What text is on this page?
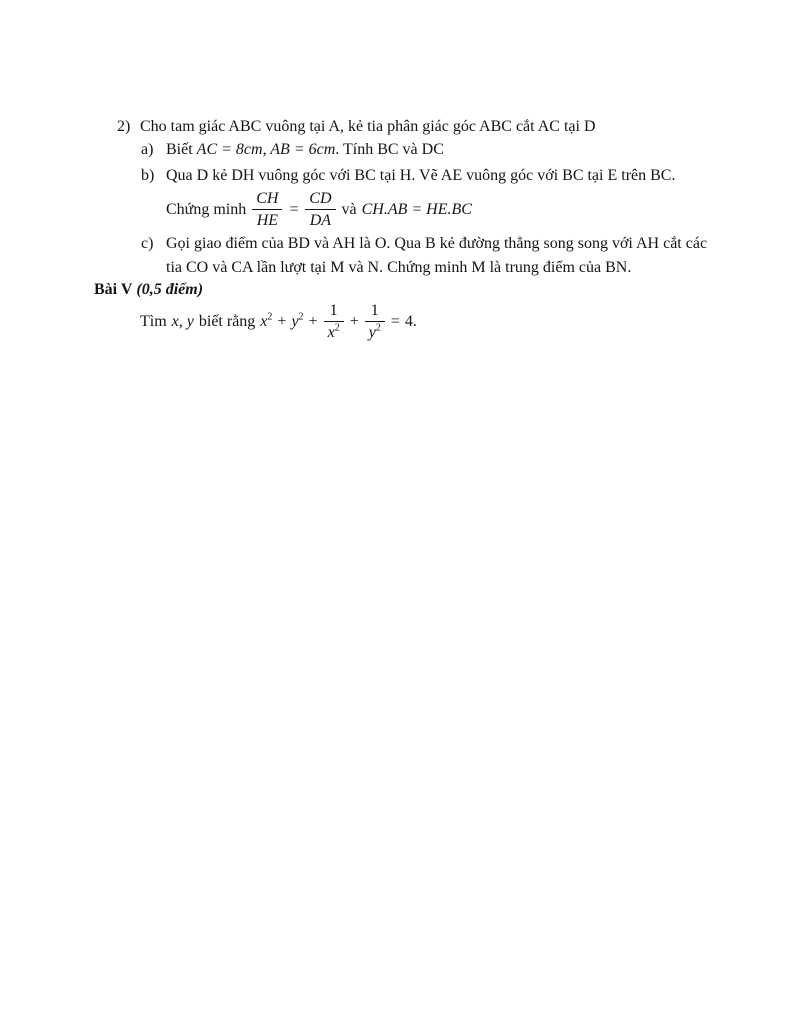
2) Cho tam giác ABC vuông tại A, kẻ tia phân giác góc ABC cắt AC tại D
a) Biết AC = 8cm, AB = 6cm. Tính BC và DC
b) Qua D kẻ DH vuông góc với BC tại H. Vẽ AE vuông góc với BC tại E trên BC.
Chứng minh $\frac{CH}{HE} = \frac{CD}{DA}$ và CH.AB = HE.BC
c) Gọi giao điểm của BD và AH là O. Qua B kẻ đường thẳng song song với AH cắt các
tia CO và CA lần lượt tại M và N. Chứng minh M là trung điểm của BN.
Bài V (0,5 điểm)
Tìm x, y biết rằng $x^2 + y^2 + \frac{1}{x^2} + \frac{1}{y^2} = 4$.
